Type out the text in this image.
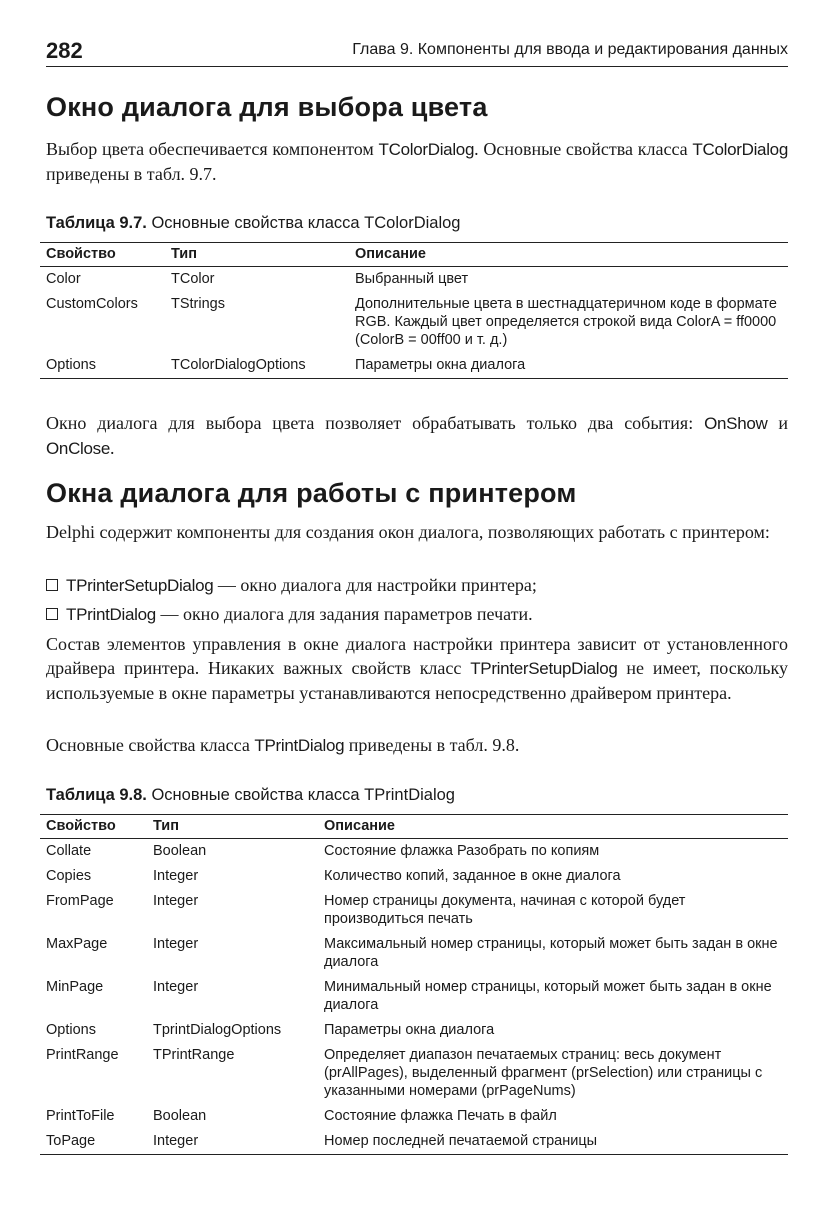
282	Глава 9. Компоненты для ввода и редактирования данных
Окно диалога для выбора цвета

Выбор цвета обеспечивается компонентом TColorDialog. Основные свойства класса TColorDialog приведены в табл. 9.7.

Таблица 9.7. Основные свойства класса TColorDialog
Свойство	Тип	Описание
Color	TColor	Выбранный цвет
CustomColors	TStrings	Дополнительные цвета в шестнадцатеричном коде в формате RGB. Каждый цвет определяется строкой вида ColorA = ff0000 (ColorB = 00ff00 и т. д.)
Options	TColorDialogOptions	Параметры окна диалога

Окно диалога для выбора цвета позволяет обрабатывать только два события: OnShow и OnClose.

Окна диалога для работы с принтером

Delphi содержит компоненты для создания окон диалога, позволяющих работать с принтером:

TPrinterSetupDialog — окно диалога для настройки принтера;
TPrintDialog — окно диалога для задания параметров печати.

Состав элементов управления в окне диалога настройки принтера зависит от установленного драйвера принтера. Никаких важных свойств класс TPrinterSetupDialog не имеет, поскольку используемые в окне параметры устанавливаются непосредственно драйвером принтера.

Основные свойства класса TPrintDialog приведены в табл. 9.8.

Таблица 9.8. Основные свойства класса TPrintDialog
Свойство	Тип	Описание
Collate	Boolean	Состояние флажка Разобрать по копиям
Copies	Integer	Количество копий, заданное в окне диалога
FromPage	Integer	Номер страницы документа, начиная с которой будет производиться печать
MaxPage	Integer	Максимальный номер страницы, который может быть задан в окне диалога
MinPage	Integer	Минимальный номер страницы, который может быть задан в окне диалога
Options	TprintDialogOptions	Параметры окна диалога
PrintRange	TPrintRange	Определяет диапазон печатаемых страниц: весь документ (prAllPages), выделенный фрагмент (prSelection) или страницы с указанными номерами (prPageNums)
PrintToFile	Boolean	Состояние флажка Печать в файл
ToPage	Integer	Номер последней печатаемой страницы
